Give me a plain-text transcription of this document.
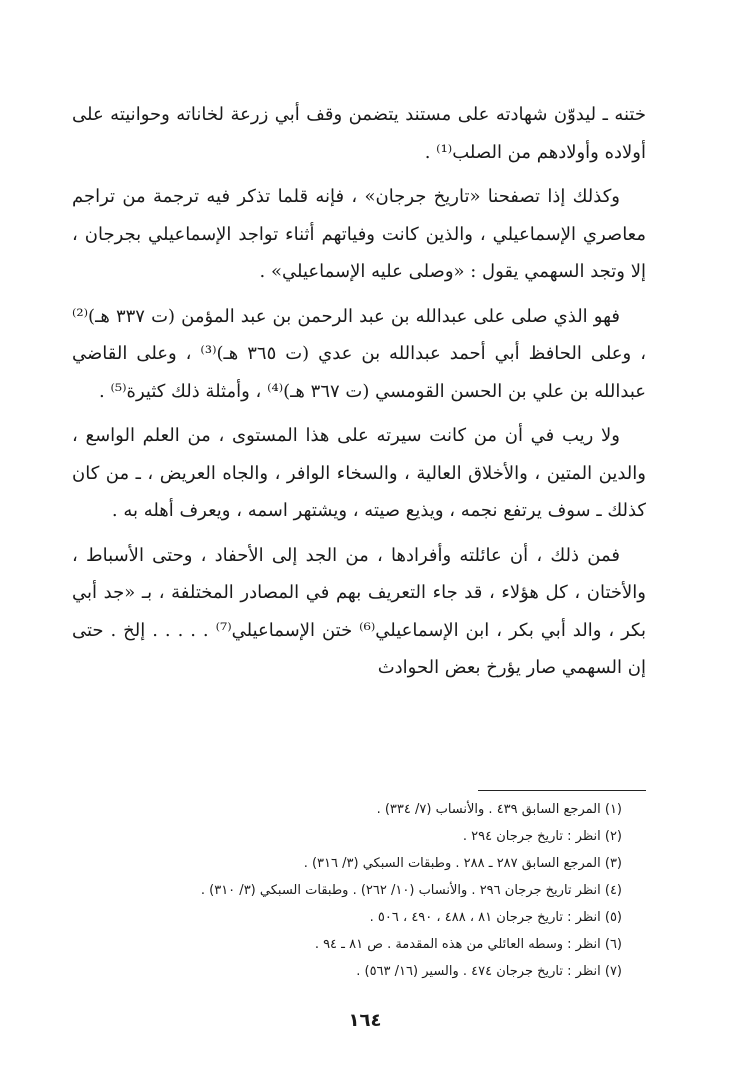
ختنه ـ ليدوّن شهادته على مستند يتضمن وقف أبي زرعة لخاناته وحوانيته على أولاده وأولادهم من الصلب⁽¹⁾ .

وكذلك إذا تصفحنا «تاريخ جرجان» ، فإنه قلما تذكر فيه ترجمة من تراجم معاصري الإسماعيلي ، والذين كانت وفياتهم أثناء تواجد الإسماعيلي بجرجان ، إلا وتجد السهمي يقول : «وصلى عليه الإسماعيلي» .

فهو الذي صلى على عبدالله بن عبد الرحمن بن عبد المؤمن (ت ٣٣٧ هـ)⁽²⁾ ، وعلى الحافظ أبي أحمد عبدالله بن عدي (ت ٣٦٥ هـ)⁽³⁾ ، وعلى القاضي عبدالله بن علي بن الحسن القومسي (ت ٣٦٧ هـ)⁽⁴⁾ ، وأمثلة ذلك كثيرة⁽⁵⁾ .

ولا ريب في أن من كانت سيرته على هذا المستوى ، من العلم الواسع ، والدين المتين ، والأخلاق العالية ، والسخاء الوافر ، والجاه العريض ، ـ من كان كذلك ـ سوف يرتفع نجمه ، ويذيع صيته ، ويشتهر اسمه ، ويعرف أهله به .

فمن ذلك ، أن عائلته وأفرادها ، من الجد إلى الأحفاد ، وحتى الأسباط ، والأختان ، كل هؤلاء ، قد جاء التعريف بهم في المصادر المختلفة ، بـ «جد أبي بكر ، والد أبي بكر ، ابن الإسماعيلي⁽⁶⁾ ختن الإسماعيلي⁽⁷⁾ . . . . . إلخ . حتى إن السهمي صار يؤرخ بعض الحوادث

(١) المرجع السابق ٤٣٩ . والأنساب (٧/ ٣٣٤) .
(٢) انظر : تاريخ جرجان ٢٩٤ .
(٣) المرجع السابق ٢٨٧ ـ ٢٨٨ . وطبقات السبكي (٣/ ٣١٦) .
(٤) انظر تاريخ جرجان ٢٩٦ . والأنساب (١٠/ ٢٦٢) . وطبقات السبكي (٣/ ٣١٠) .
(٥) انظر : تاريخ جرجان ٨١ ، ٤٨٨ ، ٤٩٠ ، ٥٠٦ .
(٦) انظر : وسطه العائلي من هذه المقدمة . ص ٨١ ـ ٩٤ .
(٧) انظر : تاريخ جرجان ٤٧٤ . والسير (١٦/ ٥٦٣) .
١٦٤
